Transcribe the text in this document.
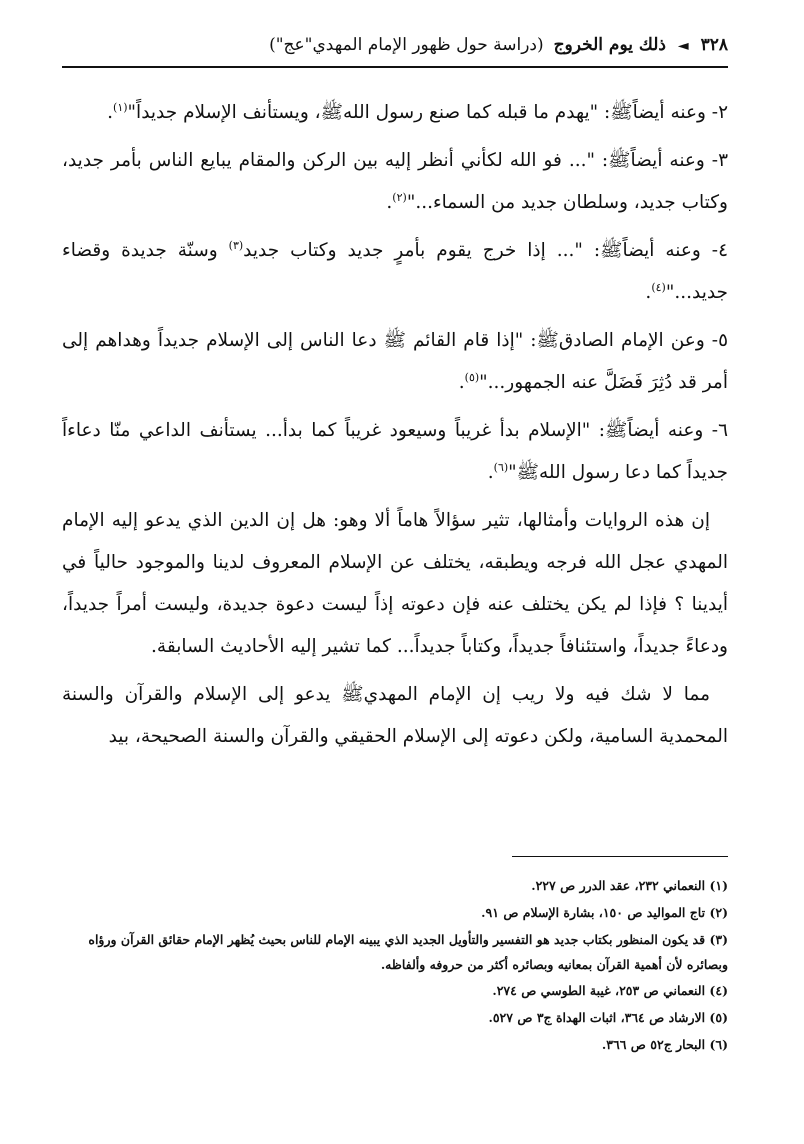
٣٢٨ ◄ ذلك يوم الخروج (دراسة حول ظهور الإمام المهدي"عج")

٢- وعنه أيضاًﷺ: "يهدم ما قبله كما صنع رسول اللهﷺ، ويستأنف الإسلام جديداً"$^{(١)}$.

٣- وعنه أيضاًﷺ: "... فو الله لكأني أنظر إليه بين الركن والمقام يبايع الناس بأمر جديد، وكتاب جديد، وسلطان جديد من السماء..."$^{(٢)}$.

٤- وعنه أيضاًﷺ: "... إذا خرج يقوم بأمرٍ جديد وكتاب جديد$^{(٣)}$ وسنّة جديدة وقضاء جديد..."$^{(٤)}$.

٥- وعن الإمام الصادقﷺ: "إذا قام القائم ﷺ دعا الناس إلى الإسلام جديداً وهداهم إلى أمر قد دُثِرَ فَضَلَّ عنه الجمهور..."$^{(٥)}$.

٦- وعنه أيضاًﷺ: "الإسلام بدأ غريباً وسيعود غريباً كما بدأ... يستأنف الداعي منّا دعاءاً جديداً كما دعا رسول اللهﷺ"$^{(٦)}$.

إن هذه الروايات وأمثالها، تثير سؤالاً هاماً ألا وهو: هل إن الدين الذي يدعو إليه الإمام المهدي عجل الله فرجه ويطبقه، يختلف عن الإسلام المعروف لدينا والموجود حالياً في أيدينا ؟ فإذا لم يكن يختلف عنه فإن دعوته إذاً ليست دعوة جديدة، وليست أمراً جديداً، ودعاءً جديداً، واستئنافاً جديداً، وكتاباً جديداً... كما تشير إليه الأحاديث السابقة.

مما لا شك فيه ولا ريب إن الإمام المهديﷺ يدعو إلى الإسلام والقرآن والسنة المحمدية السامية، ولكن دعوته إلى الإسلام الحقيقي والقرآن والسنة الصحيحة، بيد

(١) النعماني ٢٣٢، عقد الدرر ص ٢٢٧.
(٢) تاج المواليد ص ١٥٠، بشارة الإسلام ص ٩١.
(٣) قد يكون المنظور بكتاب جديد هو التفسير والتأويل الجديد الذي يبينه الإمام للناس بحيث يُظهر الإمام حقائق القرآن ورؤاه
وبصائره لأن أهمية القرآن بمعانيه وبصائره أكثر من حروفه وألفاظه.
(٤) النعماني ص ٢٥٣، غيبة الطوسي ص ٢٧٤.
(٥) الارشاد ص ٣٦٤، اثبات الهداة ج٣ ص ٥٢٧.
(٦) البحار ج٥٢ ص ٣٦٦.
